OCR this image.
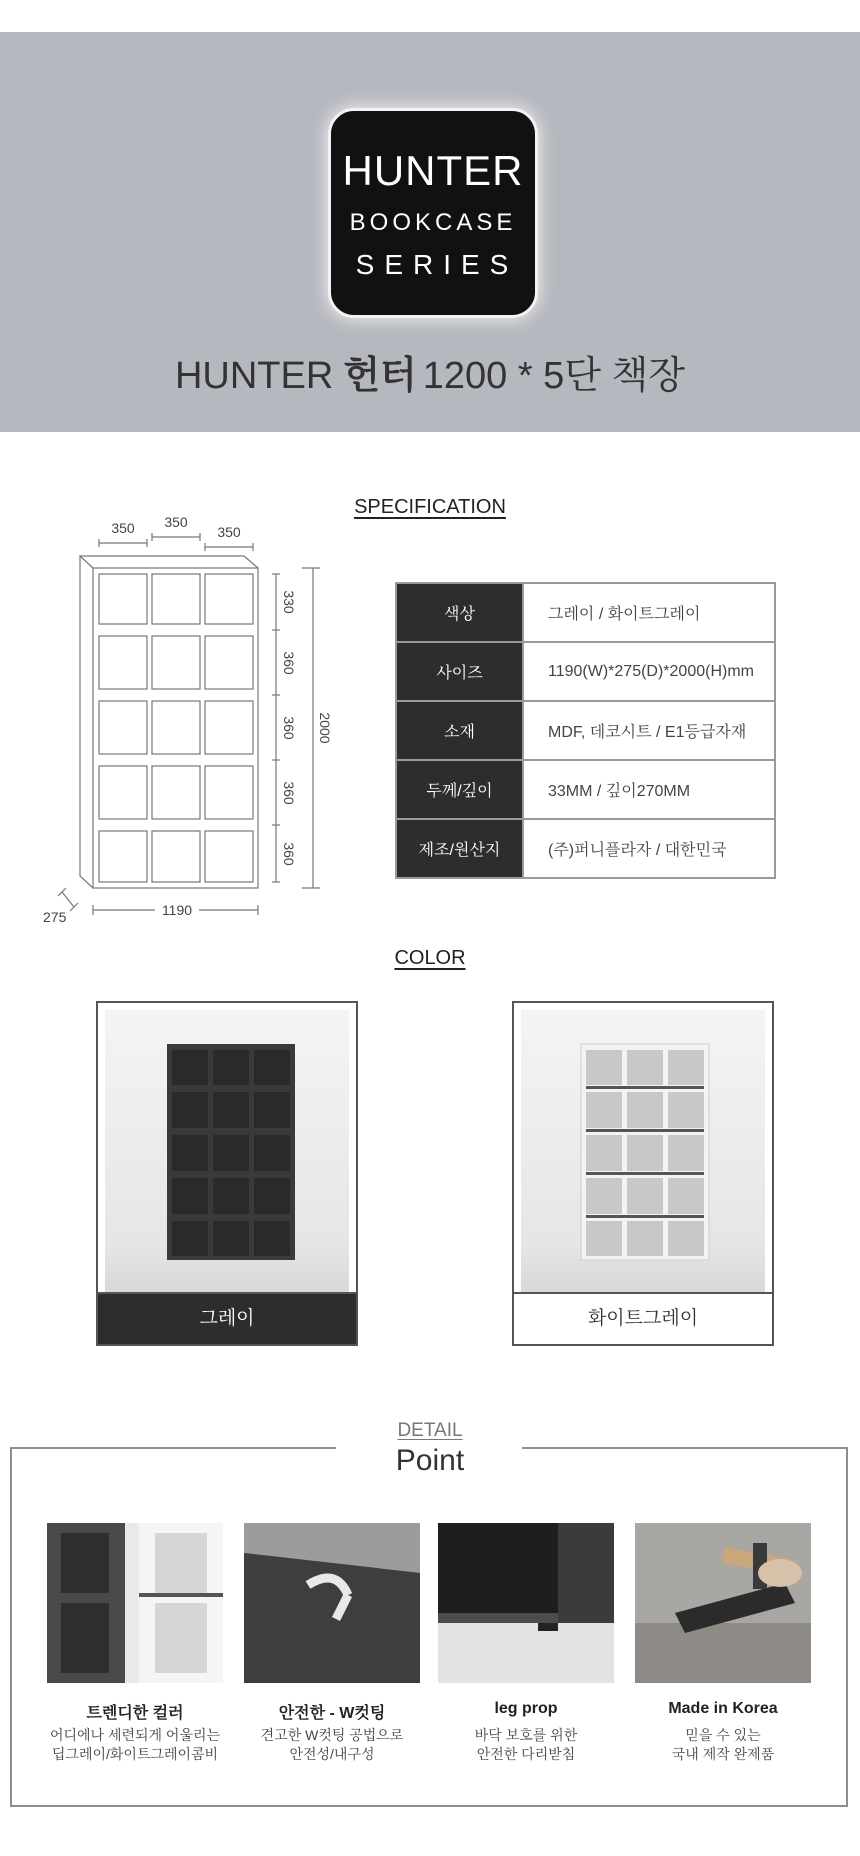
HUNTER
BOOKCASE
SERIES
HUNTER 헌터 1200 * 5단 책장
SPECIFICATION
350 350
350
330
360
360
360
360
2000
1190
275
색상	그레이 / 화이트그레이
사이즈	1190(W)*275(D)*2000(H)mm
소재	MDF, 데코시트 / E1등급자재
두께/깊이	33MM / 깊이270MM
제조/원산지	(주)퍼니플라자 / 대한민국
COLOR
그레이	화이트그레이
DETAIL
Point
트렌디한 컬러
어디에나 세련되게 어울리는
딥그레이/화이트그레이콤비
안전한 - W컷팅
견고한 W컷팅 공법으로
안전성/내구성
leg prop
바닥 보호를 위한
안전한 다리받침
Made in Korea
믿을 수 있는
국내 제작 완제품
